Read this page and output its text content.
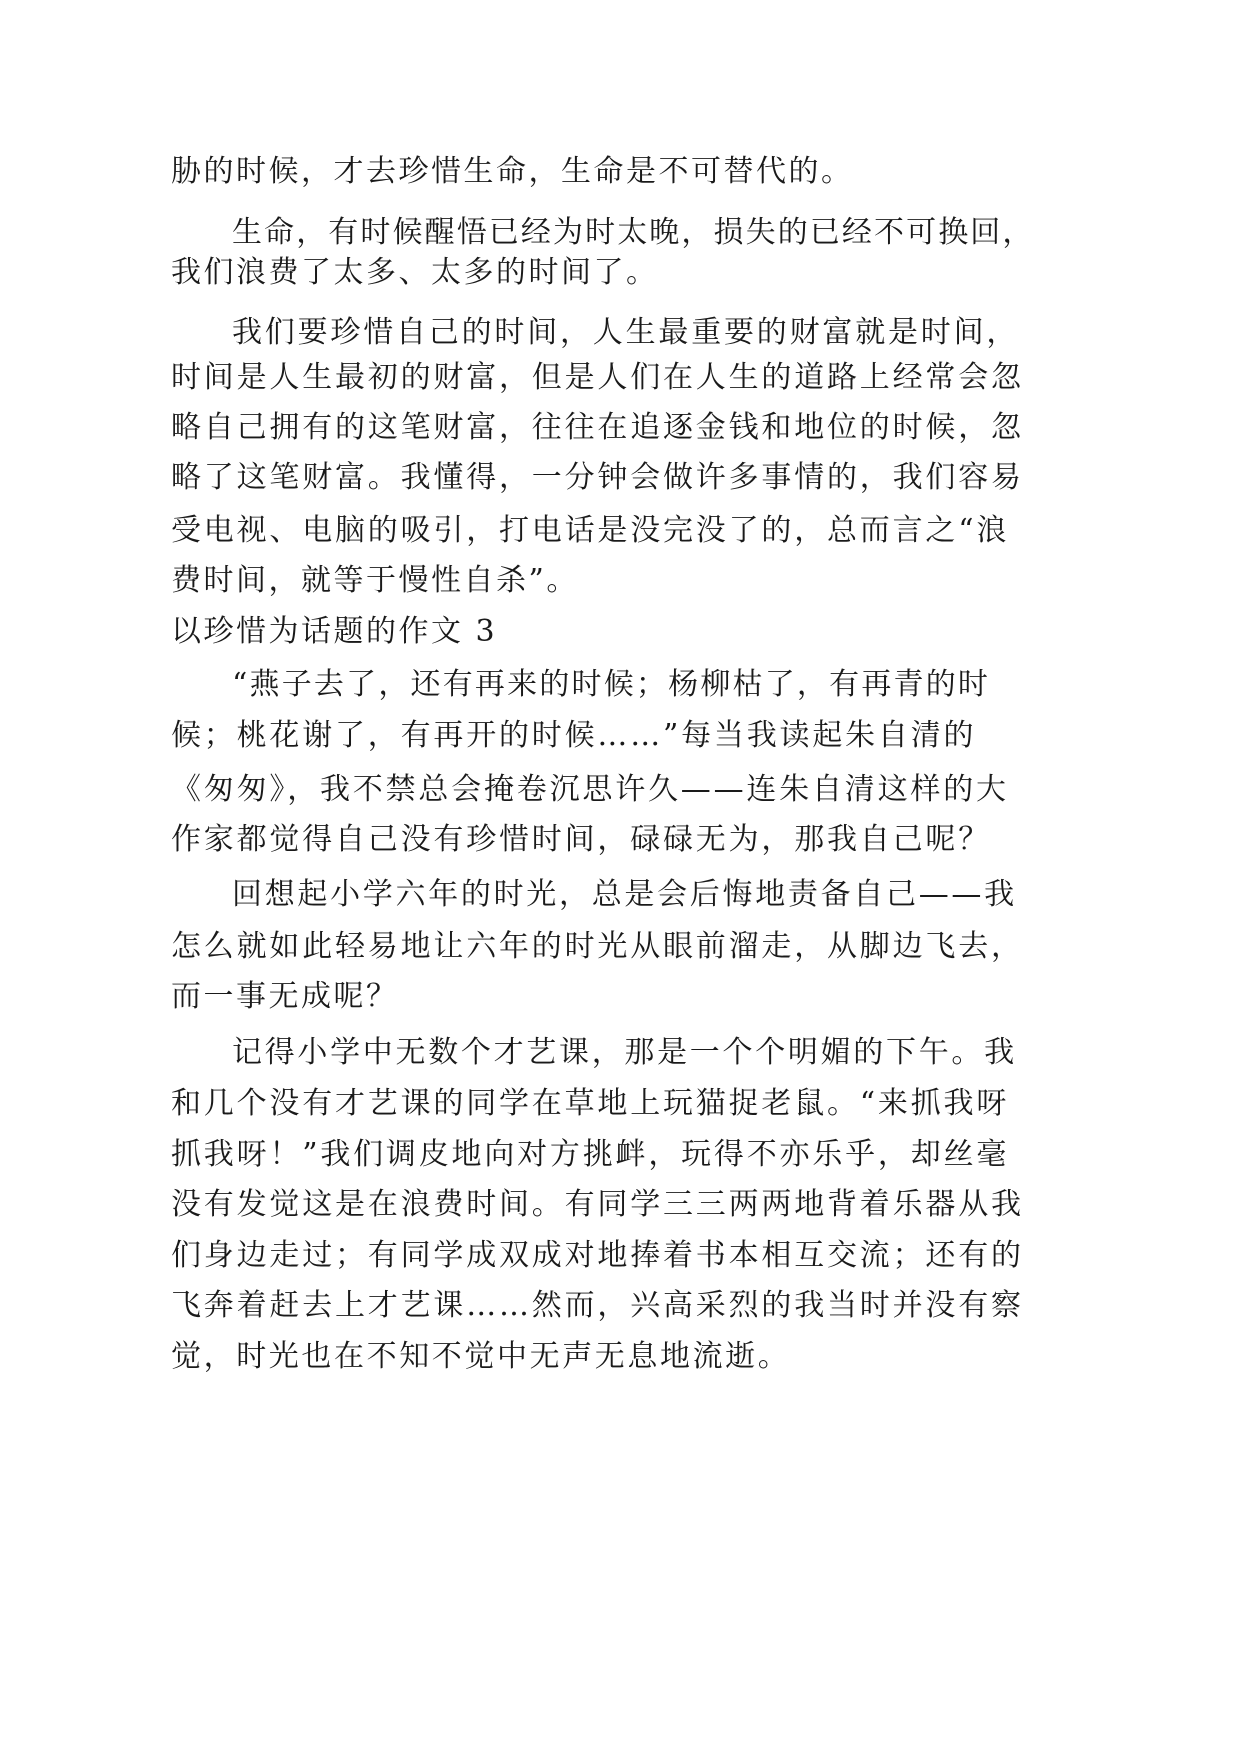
胁的时候，才去珍惜生命，生命是不可替代的。
生命，有时候醒悟已经为时太晚，损失的已经不可换回，
我们浪费了太多、太多的时间了。
我们要珍惜自己的时间，人生最重要的财富就是时间，
时间是人生最初的财富，但是人们在人生的道路上经常会忽
略自己拥有的这笔财富，往往在追逐金钱和地位的时候，忽
略了这笔财富。我懂得，一分钟会做许多事情的，我们容易
受电视、电脑的吸引，打电话是没完没了的，总而言之“浪
费时间，就等于慢性自杀”。
以珍惜为话题的作文 3
“燕子去了，还有再来的时候；杨柳枯了，有再青的时
候；桃花谢了，有再开的时候……”每当我读起朱自清的
《匆匆》，我不禁总会掩卷沉思许久——连朱自清这样的大
作家都觉得自己没有珍惜时间，碌碌无为，那我自己呢？
回想起小学六年的时光，总是会后悔地责备自己——我
怎么就如此轻易地让六年的时光从眼前溜走，从脚边飞去，
而一事无成呢？
记得小学中无数个才艺课，那是一个个明媚的下午。我
和几个没有才艺课的同学在草地上玩猫捉老鼠。“来抓我呀
抓我呀！”我们调皮地向对方挑衅，玩得不亦乐乎，却丝毫
没有发觉这是在浪费时间。有同学三三两两地背着乐器从我
们身边走过；有同学成双成对地捧着书本相互交流；还有的
飞奔着赶去上才艺课……然而，兴高采烈的我当时并没有察
觉，时光也在不知不觉中无声无息地流逝。
